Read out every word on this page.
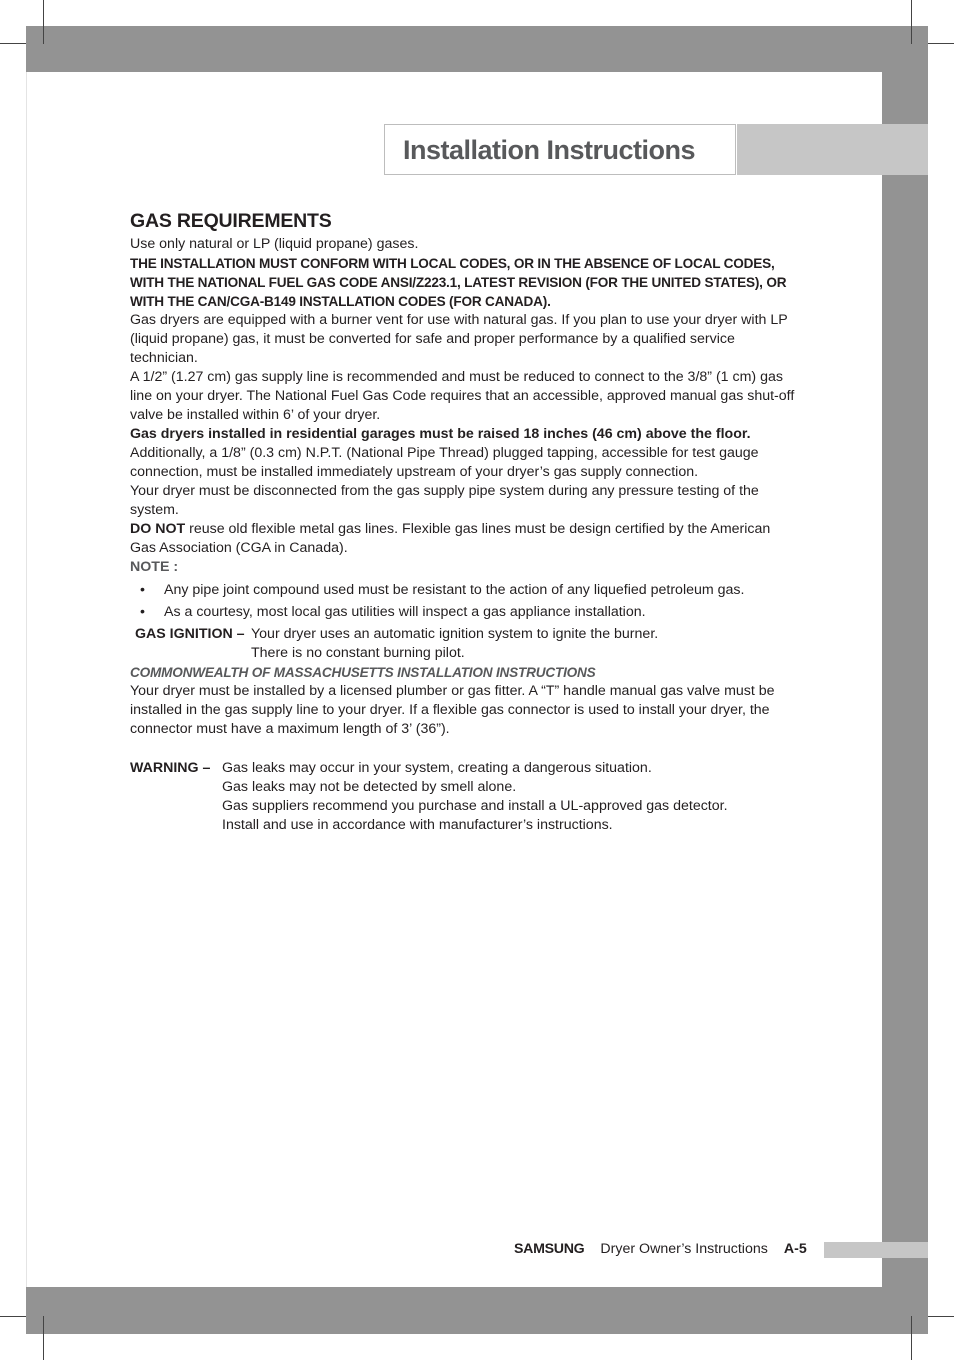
Installation Instructions
GAS REQUIREMENTS

Use only natural or LP (liquid propane) gases.

THE INSTALLATION MUST CONFORM WITH LOCAL CODES, OR IN THE ABSENCE OF LOCAL CODES, WITH THE NATIONAL FUEL GAS CODE ANSI/Z223.1, LATEST REVISION (FOR THE UNITED STATES), OR WITH THE CAN/CGA-B149 INSTALLATION CODES (FOR CANADA).

Gas dryers are equipped with a burner vent for use with natural gas. If you plan to use your dryer with LP (liquid propane) gas, it must be converted for safe and proper performance by a qualified service technician.

A 1/2” (1.27 cm) gas supply line is recommended and must be reduced to connect to the 3/8” (1 cm) gas line on your dryer. The National Fuel Gas Code requires that an accessible, approved manual gas shut-off valve be installed within 6’ of your dryer.

Gas dryers installed in residential garages must be raised 18 inches (46 cm) above the floor.

Additionally, a 1/8” (0.3 cm) N.P.T. (National Pipe Thread) plugged tapping, accessible for test gauge connection, must be installed immediately upstream of your dryer’s gas supply connection.

Your dryer must be disconnected from the gas supply pipe system during any pressure testing of the system.

DO NOT reuse old flexible metal gas lines. Flexible gas lines must be design certified by the American Gas Association (CGA in Canada).

NOTE :

• Any pipe joint compound used must be resistant to the action of any liquefied petroleum gas.
• As a courtesy, most local gas utilities will inspect a gas appliance installation.
GAS IGNITION – Your dryer uses an automatic ignition system to ignite the burner.
There is no constant burning pilot.

COMMONWEALTH OF MASSACHUSETTS INSTALLATION INSTRUCTIONS

Your dryer must be installed by a licensed plumber or gas fitter. A “T” handle manual gas valve must be installed in the gas supply line to your dryer. If a flexible gas connector is used to install your dryer, the connector must have a maximum length of 3’ (36”).

WARNING – Gas leaks may occur in your system, creating a dangerous situation.
Gas leaks may not be detected by smell alone.
Gas suppliers recommend you purchase and install a UL-approved gas detector.
Install and use in accordance with manufacturer’s instructions.
SAMSUNG Dryer Owner’s Instructions A-5
